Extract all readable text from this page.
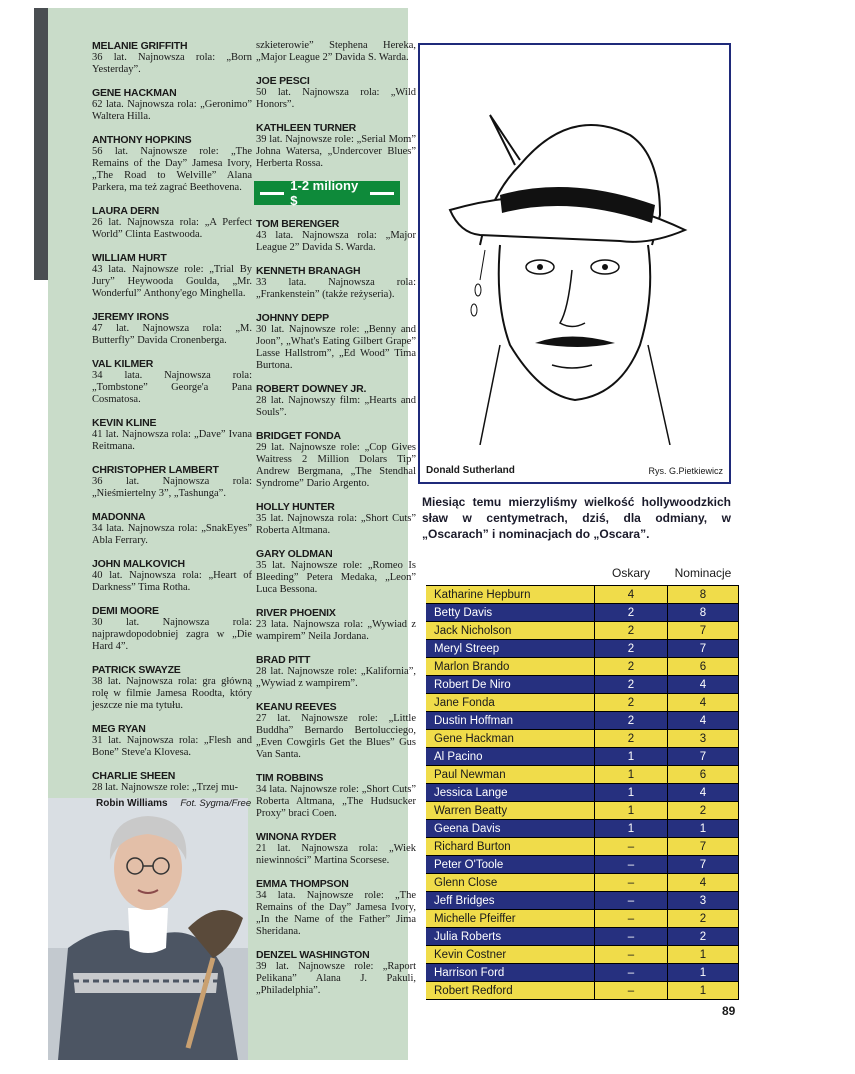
MELANIE GRIFFITH
36 lat. Najnowsza rola: „Born Yesterday”.
GENE HACKMAN
62 lata. Najnowsza rola: „Geronimo” Waltera Hilla.
ANTHONY HOPKINS
56 lat. Najnowsze role: „The Remains of the Day” Jamesa Ivory, „The Road to Welville” Alana Parkera, ma też zagrać Beethovena.
LAURA DERN
26 lat. Najnowsza rola: „A Perfect World” Clinta Eastwooda.
WILLIAM HURT
43 lata. Najnowsze role: „Trial By Jury” Heywooda Goulda, „Mr. Wonderful” Anthony'ego Minghella.
JEREMY IRONS
47 lat. Najnowsza rola: „M. Butterfly” Davida Cronenberga.
VAL KILMER
34 lata. Najnowsza rola: „Tombstone” George'a Pana Cosmatosa.
KEVIN KLINE
41 lat. Najnowsza rola: „Dave” Ivana Reitmana.
CHRISTOPHER LAMBERT
36 lat. Najnowsza rola: „Nieśmiertelny 3”, „Tashunga”.
MADONNA
34 lata. Najnowsza rola: „SnakEyes” Abla Ferrary.
JOHN MALKOVICH
40 lat. Najnowsza rola: „Heart of Darkness” Tima Rotha.
DEMI MOORE
30 lat. Najnowsza rola: najprawdopodobniej zagra w „Die Hard 4”.
PATRICK SWAYZE
38 lat. Najnowsza rola: gra główną rolę w filmie Jamesa Roodta, który jeszcze nie ma tytułu.
MEG RYAN
31 lat. Najnowsza rola: „Flesh and Bone” Steve'a Klovesa.
CHARLIE SHEEN
28 lat. Najnowsze role: „Trzej mu-
szkieterowie” Stephena Hereka, „Major League 2” Davida S. Warda.
JOE PESCI
50 lat. Najnowsza rola: „Wild Honors”.
KATHLEEN TURNER
39 lat. Najnowsze role: „Serial Mom” Johna Watersa, „Undercover Blues” Herberta Rossa.
1-2 miliony $
TOM BERENGER
43 lata. Najnowsza rola: „Major League 2” Davida S. Warda.
KENNETH BRANAGH
33 lata. Najnowsza rola: „Frankenstein” (także reżyseria).
JOHNNY DEPP
30 lat. Najnowsze role: „Benny and Joon”, „What's Eating Gilbert Grape” Lasse Hallstrom”, „Ed Wood” Tima Burtona.
ROBERT DOWNEY JR.
28 lat. Najnowszy film: „Hearts and Souls”.
BRIDGET FONDA
29 lat. Najnowsze role: „Cop Gives Waitress 2 Million Dolars Tip” Andrew Bergmana, „The Stendhal Syndrome” Dario Argento.
HOLLY HUNTER
35 lat. Najnowsza rola: „Short Cuts” Roberta Altmana.
GARY OLDMAN
35 lat. Najnowsze role: „Romeo Is Bleeding” Petera Medaka, „Leon” Luca Bessona.
RIVER PHOENIX
23 lata. Najnowsza rola: „Wywiad z wampirem” Neila Jordana.
BRAD PITT
28 lat. Najnowsze role: „Kalifornia”, „Wywiad z wampirem”.
KEANU REEVES
27 lat. Najnowsze role: „Little Buddha” Bernardo Bertolucciego, „Even Cowgirls Get the Blues” Gus Van Santa.
TIM ROBBINS
34 lata. Najnowsze role: „Short Cuts” Roberta Altmana, „The Hudsucker Proxy” braci Coen.
WINONA RYDER
21 lat. Najnowsza rola: „Wiek niewinności” Martina Scorsese.
EMMA THOMPSON
34 lata. Najnowsze role: „The Remains of the Day” Jamesa Ivory, „In the Name of the Father” Jima Sheridana.
DENZEL WASHINGTON
39 lat. Najnowsze role: „Raport Pelikana” Alana J. Pakuli, „Philadelphia”.
Robin Williams Fot. Sygma/Free
Donald Sutherland	Rys. G.Pietkiewicz
Miesiąc temu mierzyliśmy wielkość hollywoodzkich sław w centymetrach, dziś, dla odmiany, w „Oscarach” i nominacjach do „Oscara”.
	Oskary	Nominacje
Katharine Hepburn	4	8
Betty Davis	2	8
Jack Nicholson	2	7
Meryl Streep	2	7
Marlon Brando	2	6
Robert De Niro	2	4
Jane Fonda	2	4
Dustin Hoffman	2	4
Gene Hackman	2	3
Al Pacino	1	7
Paul Newman	1	6
Jessica Lange	1	4
Warren Beatty	1	2
Geena Davis	1	1
Richard Burton	–	7
Peter O'Toole	–	7
Glenn Close	–	4
Jeff Bridges	–	3
Michelle Pfeiffer	–	2
Julia Roberts	–	2
Kevin Costner	–	1
Harrison Ford	–	1
Robert Redford	–	1
89
